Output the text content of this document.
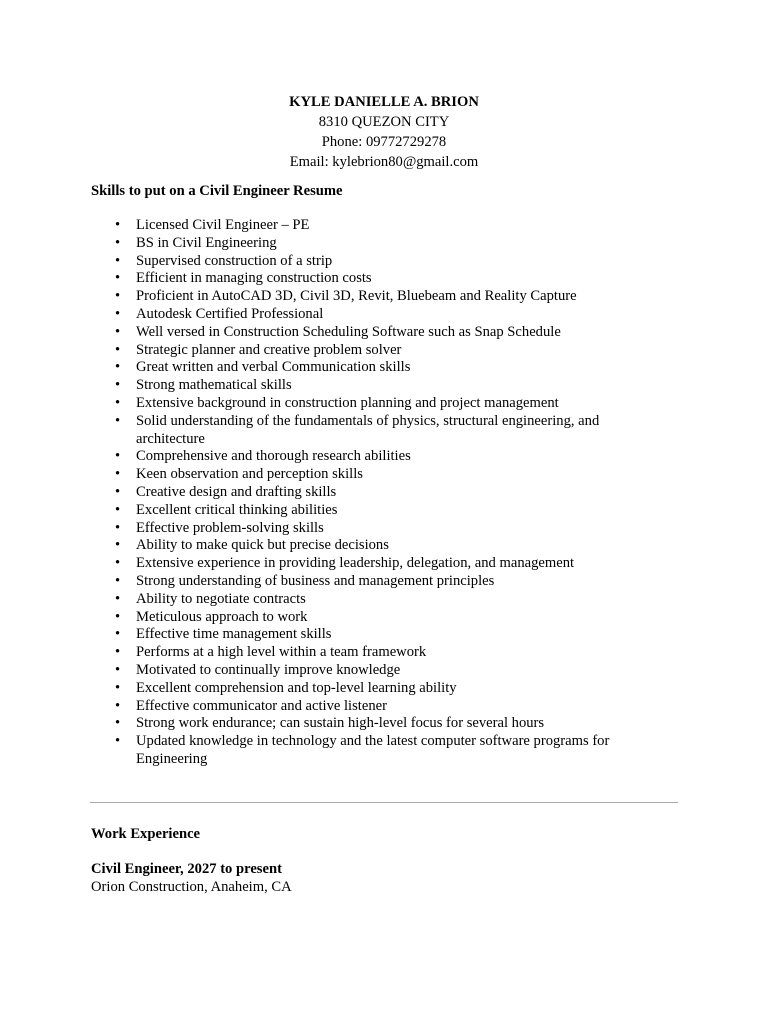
KYLE DANIELLE A. BRION
8310 QUEZON CITY
Phone: 09772729278
Email: kylebrion80@gmail.com
Skills to put on a Civil Engineer Resume
• Licensed Civil Engineer – PE
• BS in Civil Engineering
• Supervised construction of a strip
• Efficient in managing construction costs
• Proficient in AutoCAD 3D, Civil 3D, Revit, Bluebeam and Reality Capture
• Autodesk Certified Professional
• Well versed in Construction Scheduling Software such as Snap Schedule
• Strategic planner and creative problem solver
• Great written and verbal Communication skills
• Strong mathematical skills
• Extensive background in construction planning and project management
• Solid understanding of the fundamentals of physics, structural engineering, and architecture
• Comprehensive and thorough research abilities
• Keen observation and perception skills
• Creative design and drafting skills
• Excellent critical thinking abilities
• Effective problem-solving skills
• Ability to make quick but precise decisions
• Extensive experience in providing leadership, delegation, and management
• Strong understanding of business and management principles
• Ability to negotiate contracts
• Meticulous approach to work
• Effective time management skills
• Performs at a high level within a team framework
• Motivated to continually improve knowledge
• Excellent comprehension and top-level learning ability
• Effective communicator and active listener
• Strong work endurance; can sustain high-level focus for several hours
• Updated knowledge in technology and the latest computer software programs for Engineering
Work Experience
Civil Engineer, 2027 to present
Orion Construction, Anaheim, CA
